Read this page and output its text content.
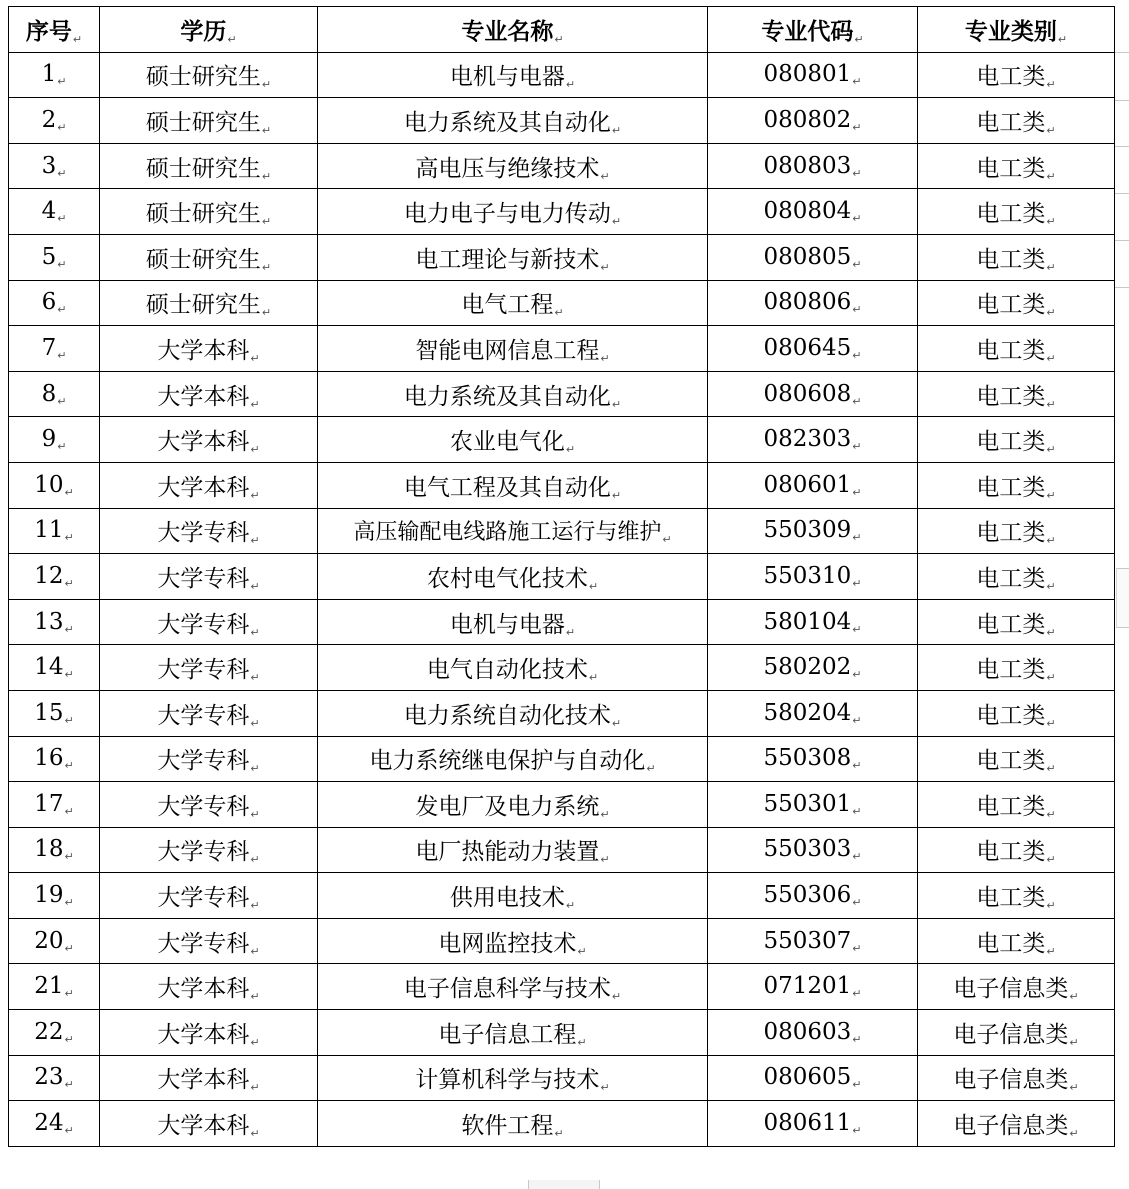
序号↵	学历↵	专业名称↵	专业代码↵	专业类别↵
1↵	硕士研究生↵	电机与电器↵	080801↵	电工类↵
2↵	硕士研究生↵	电力系统及其自动化↵	080802↵	电工类↵
3↵	硕士研究生↵	高电压与绝缘技术↵	080803↵	电工类↵
4↵	硕士研究生↵	电力电子与电力传动↵	080804↵	电工类↵
5↵	硕士研究生↵	电工理论与新技术↵	080805↵	电工类↵
6↵	硕士研究生↵	电气工程↵	080806↵	电工类↵
7↵	大学本科↵	智能电网信息工程↵	080645↵	电工类↵
8↵	大学本科↵	电力系统及其自动化↵	080608↵	电工类↵
9↵	大学本科↵	农业电气化↵	082303↵	电工类↵
10↵	大学本科↵	电气工程及其自动化↵	080601↵	电工类↵
11↵	大学专科↵	高压输配电线路施工运行与维护↵	550309↵	电工类↵
12↵	大学专科↵	农村电气化技术↵	550310↵	电工类↵
13↵	大学专科↵	电机与电器↵	580104↵	电工类↵
14↵	大学专科↵	电气自动化技术↵	580202↵	电工类↵
15↵	大学专科↵	电力系统自动化技术↵	580204↵	电工类↵
16↵	大学专科↵	电力系统继电保护与自动化↵	550308↵	电工类↵
17↵	大学专科↵	发电厂及电力系统↵	550301↵	电工类↵
18↵	大学专科↵	电厂热能动力装置↵	550303↵	电工类↵
19↵	大学专科↵	供用电技术↵	550306↵	电工类↵
20↵	大学专科↵	电网监控技术↵	550307↵	电工类↵
21↵	大学本科↵	电子信息科学与技术↵	071201↵	电子信息类↵
22↵	大学本科↵	电子信息工程↵	080603↵	电子信息类↵
23↵	大学本科↵	计算机科学与技术↵	080605↵	电子信息类↵
24↵	大学本科↵	软件工程↵	080611↵	电子信息类↵
